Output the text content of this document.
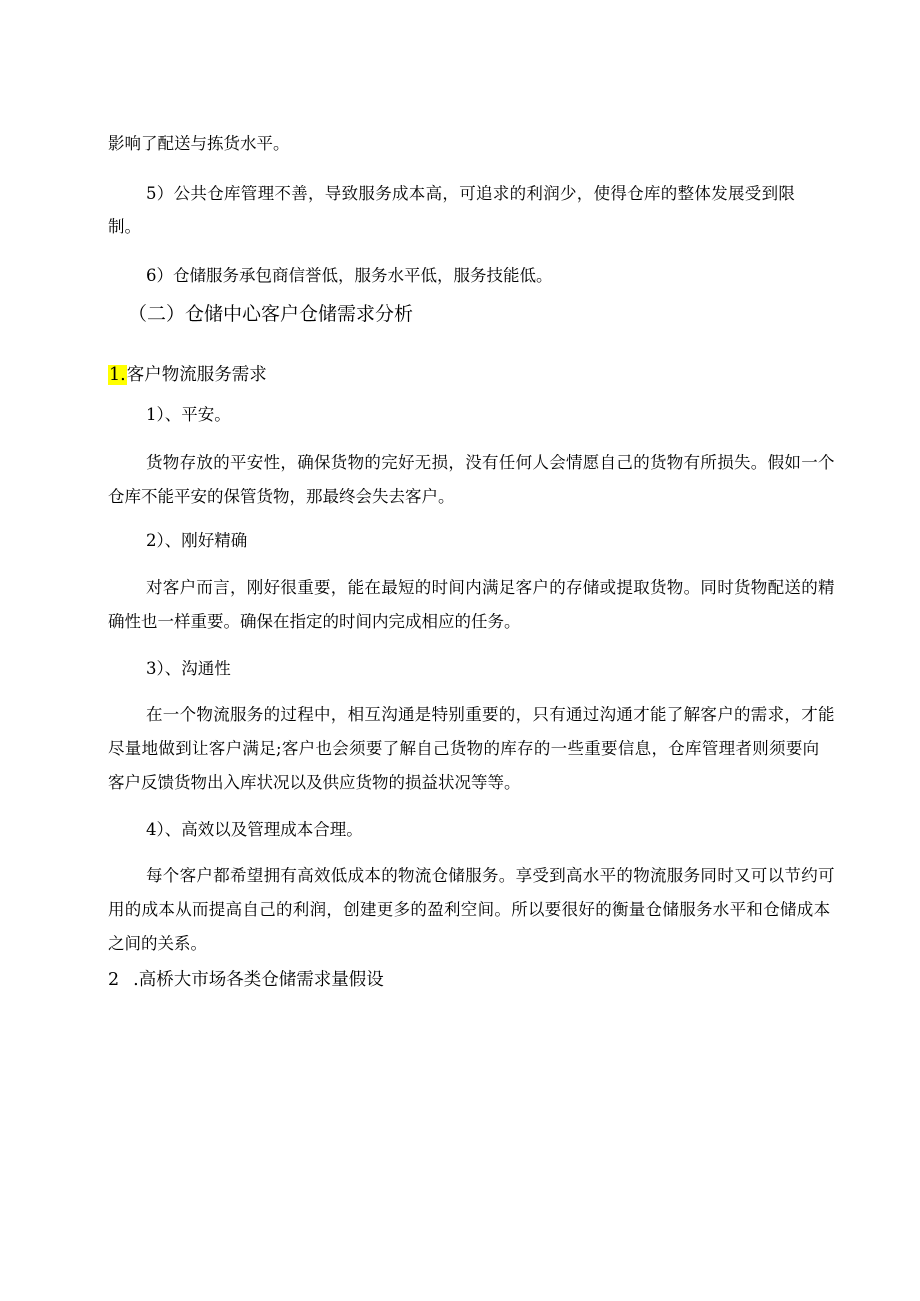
影响了配送与拣货水平。
5）公共仓库管理不善，导致服务成本高，可追求的利润少，使得仓库的整体发展受到限
制。
6）仓储服务承包商信誉低，服务水平低，服务技能低。
（二）仓储中心客户仓储需求分析
1.客户物流服务需求
1）、平安。
货物存放的平安性，确保货物的完好无损，没有任何人会情愿自己的货物有所损失。假如一个
仓库不能平安的保管货物，那最终会失去客户。
2）、刚好精确
对客户而言，刚好很重要，能在最短的时间内满足客户的存储或提取货物。同时货物配送的精
确性也一样重要。确保在指定的时间内完成相应的任务。
3）、沟通性
在一个物流服务的过程中，相互沟通是特别重要的，只有通过沟通才能了解客户的需求，才能
尽量地做到让客户满足;客户也会须要了解自己货物的库存的一些重要信息，仓库管理者则须要向
客户反馈货物出入库状况以及供应货物的损益状况等等。
4）、高效以及管理成本合理。
每个客户都希望拥有高效低成本的物流仓储服务。享受到高水平的物流服务同时又可以节约可
用的成本从而提高自己的利润，创建更多的盈利空间。所以要很好的衡量仓储服务水平和仓储成本
之间的关系。
2 .高桥大市场各类仓储需求量假设
